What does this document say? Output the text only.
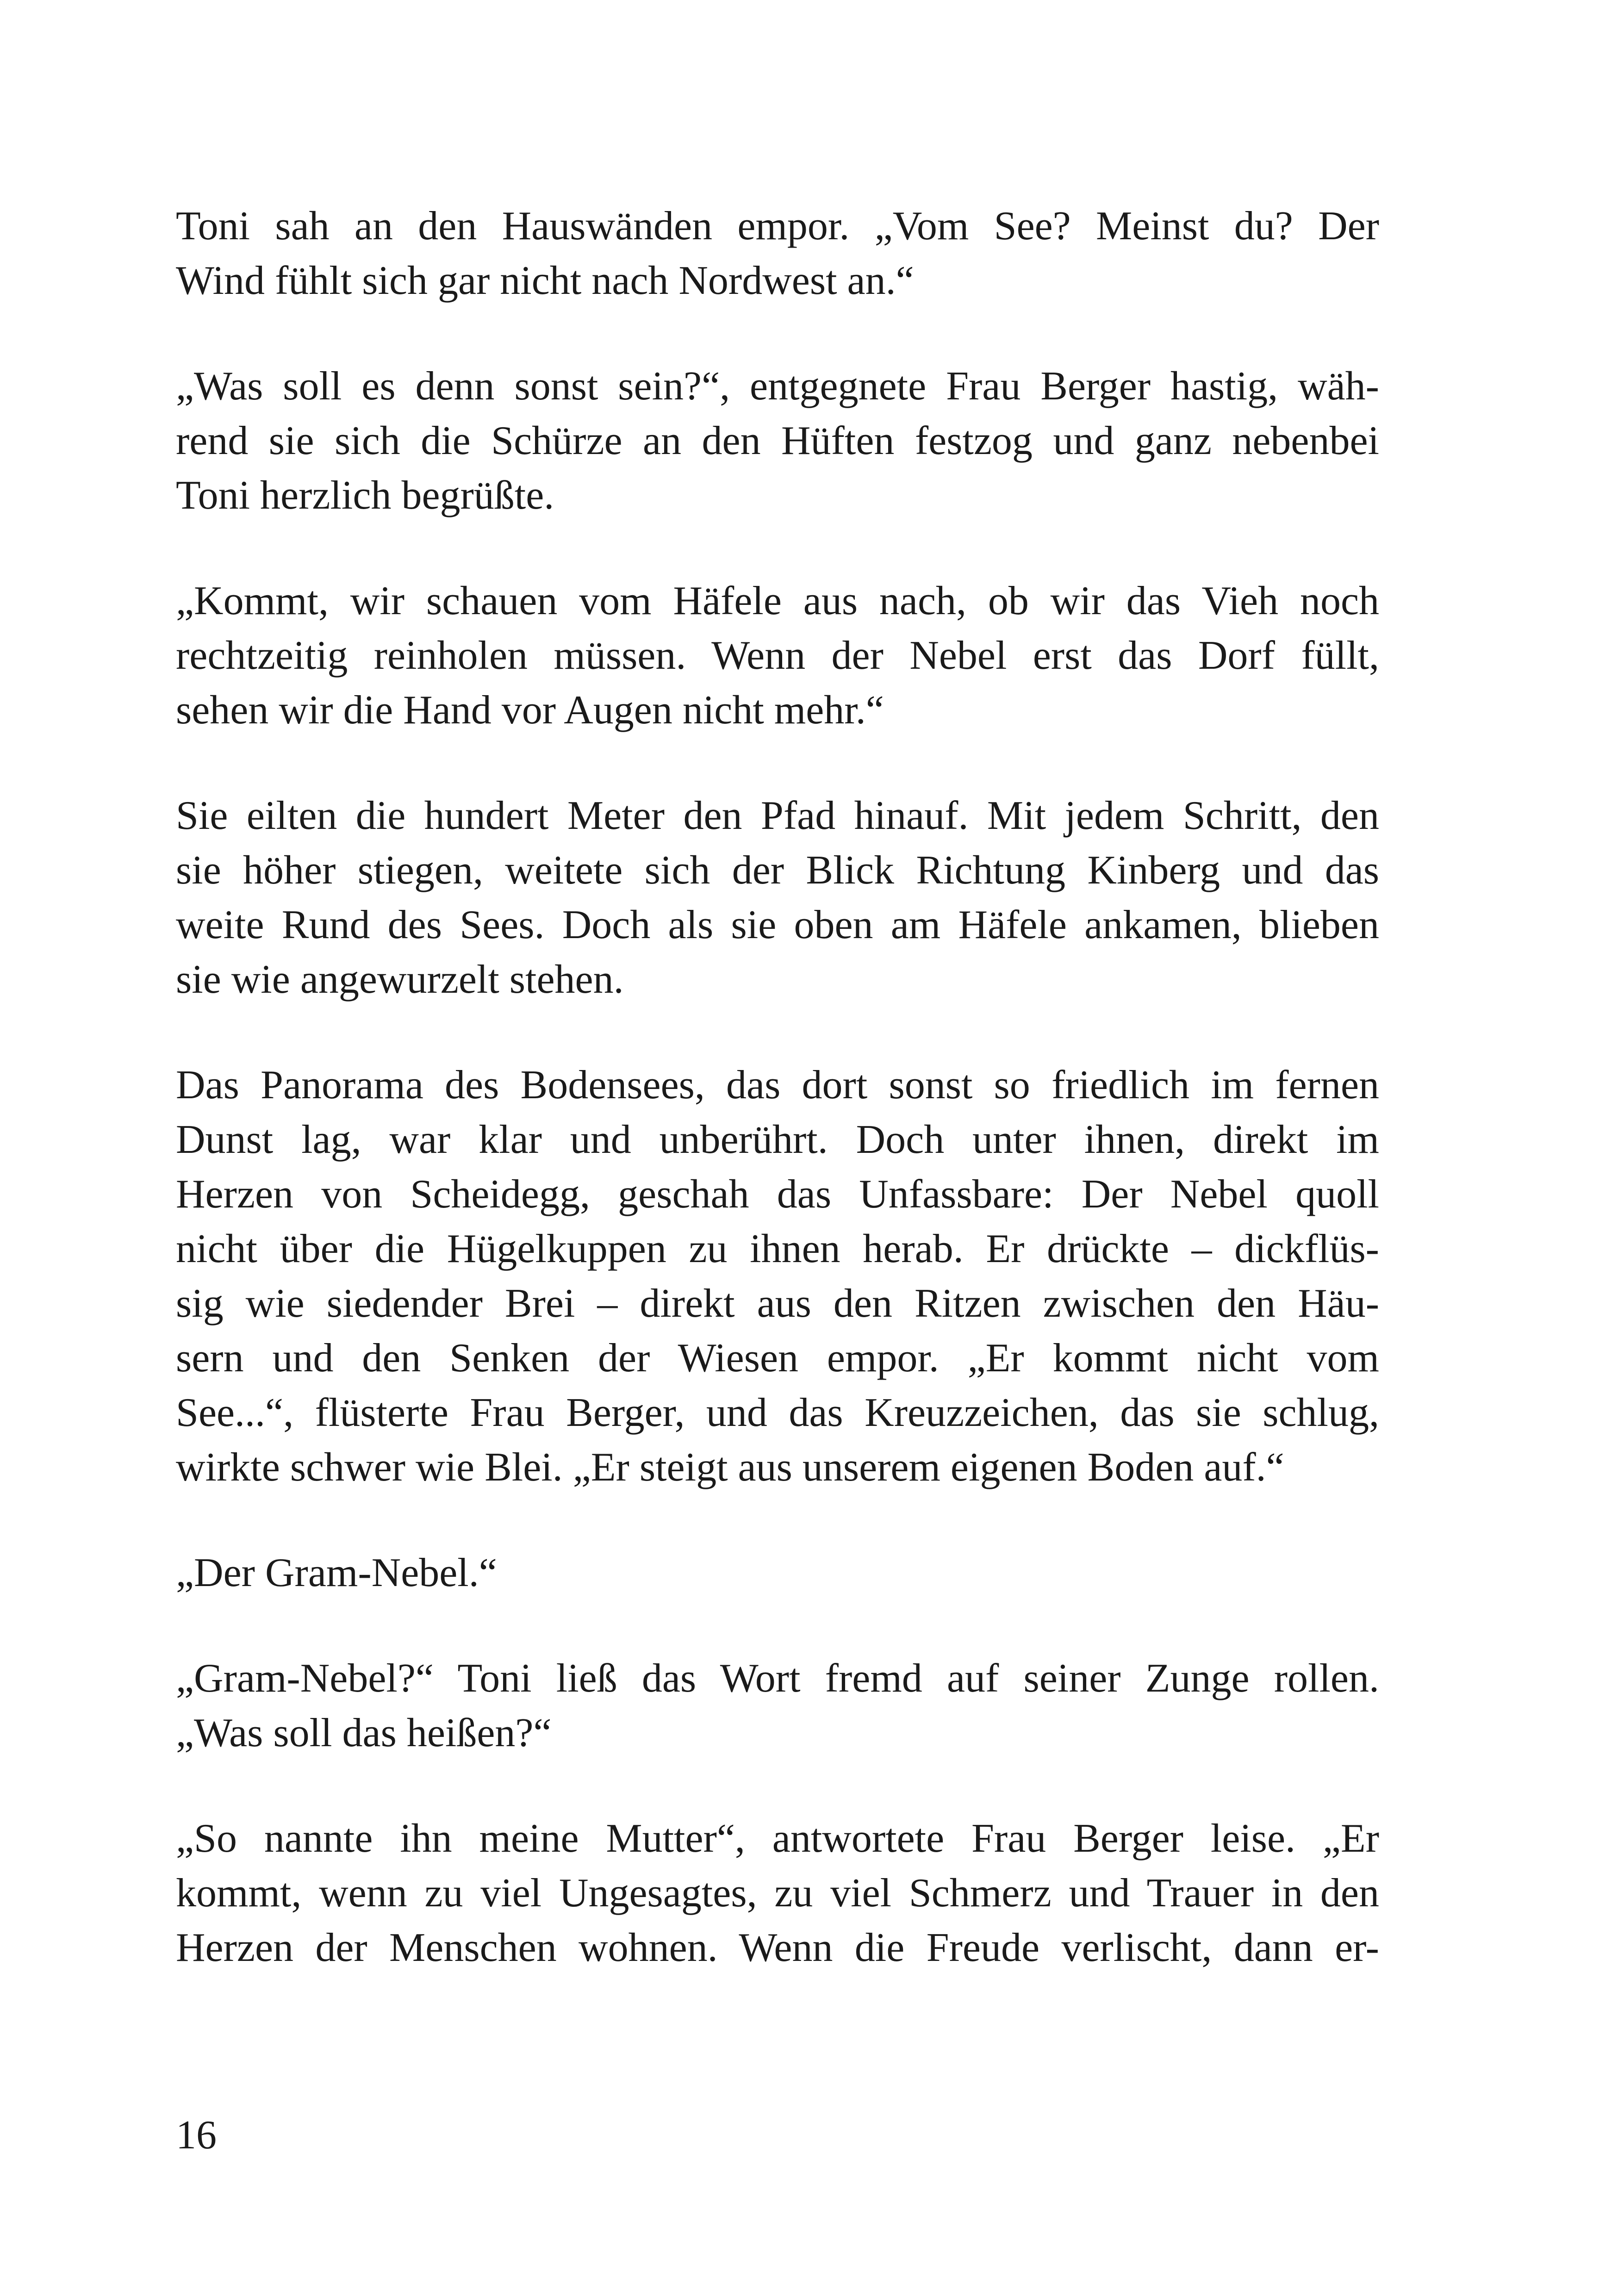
Toni sah an den Hauswänden empor. „Vom See? Meinst du? Der
Wind fühlt sich gar nicht nach Nordwest an.“

„Was soll es denn sonst sein?“, entgegnete Frau Berger hastig, wäh-
rend sie sich die Schürze an den Hüften festzog und ganz nebenbei
Toni herzlich begrüßte.

„Kommt, wir schauen vom Häfele aus nach, ob wir das Vieh noch
rechtzeitig reinholen müssen. Wenn der Nebel erst das Dorf füllt,
sehen wir die Hand vor Augen nicht mehr.“

Sie eilten die hundert Meter den Pfad hinauf. Mit jedem Schritt, den
sie höher stiegen, weitete sich der Blick Richtung Kinberg und das
weite Rund des Sees. Doch als sie oben am Häfele ankamen, blieben
sie wie angewurzelt stehen.

Das Panorama des Bodensees, das dort sonst so friedlich im fernen
Dunst lag, war klar und unberührt. Doch unter ihnen, direkt im
Herzen von Scheidegg, geschah das Unfassbare: Der Nebel quoll
nicht über die Hügelkuppen zu ihnen herab. Er drückte – dickflüs-
sig wie siedender Brei – direkt aus den Ritzen zwischen den Häu-
sern und den Senken der Wiesen empor. „Er kommt nicht vom
See...“, flüsterte Frau Berger, und das Kreuzzeichen, das sie schlug,
wirkte schwer wie Blei. „Er steigt aus unserem eigenen Boden auf.“

„Der Gram-Nebel.“

„Gram-Nebel?“ Toni ließ das Wort fremd auf seiner Zunge rollen.
„Was soll das heißen?“

„So nannte ihn meine Mutter“, antwortete Frau Berger leise. „Er
kommt, wenn zu viel Ungesagtes, zu viel Schmerz und Trauer in den
Herzen der Menschen wohnen. Wenn die Freude verlischt, dann er-

16
